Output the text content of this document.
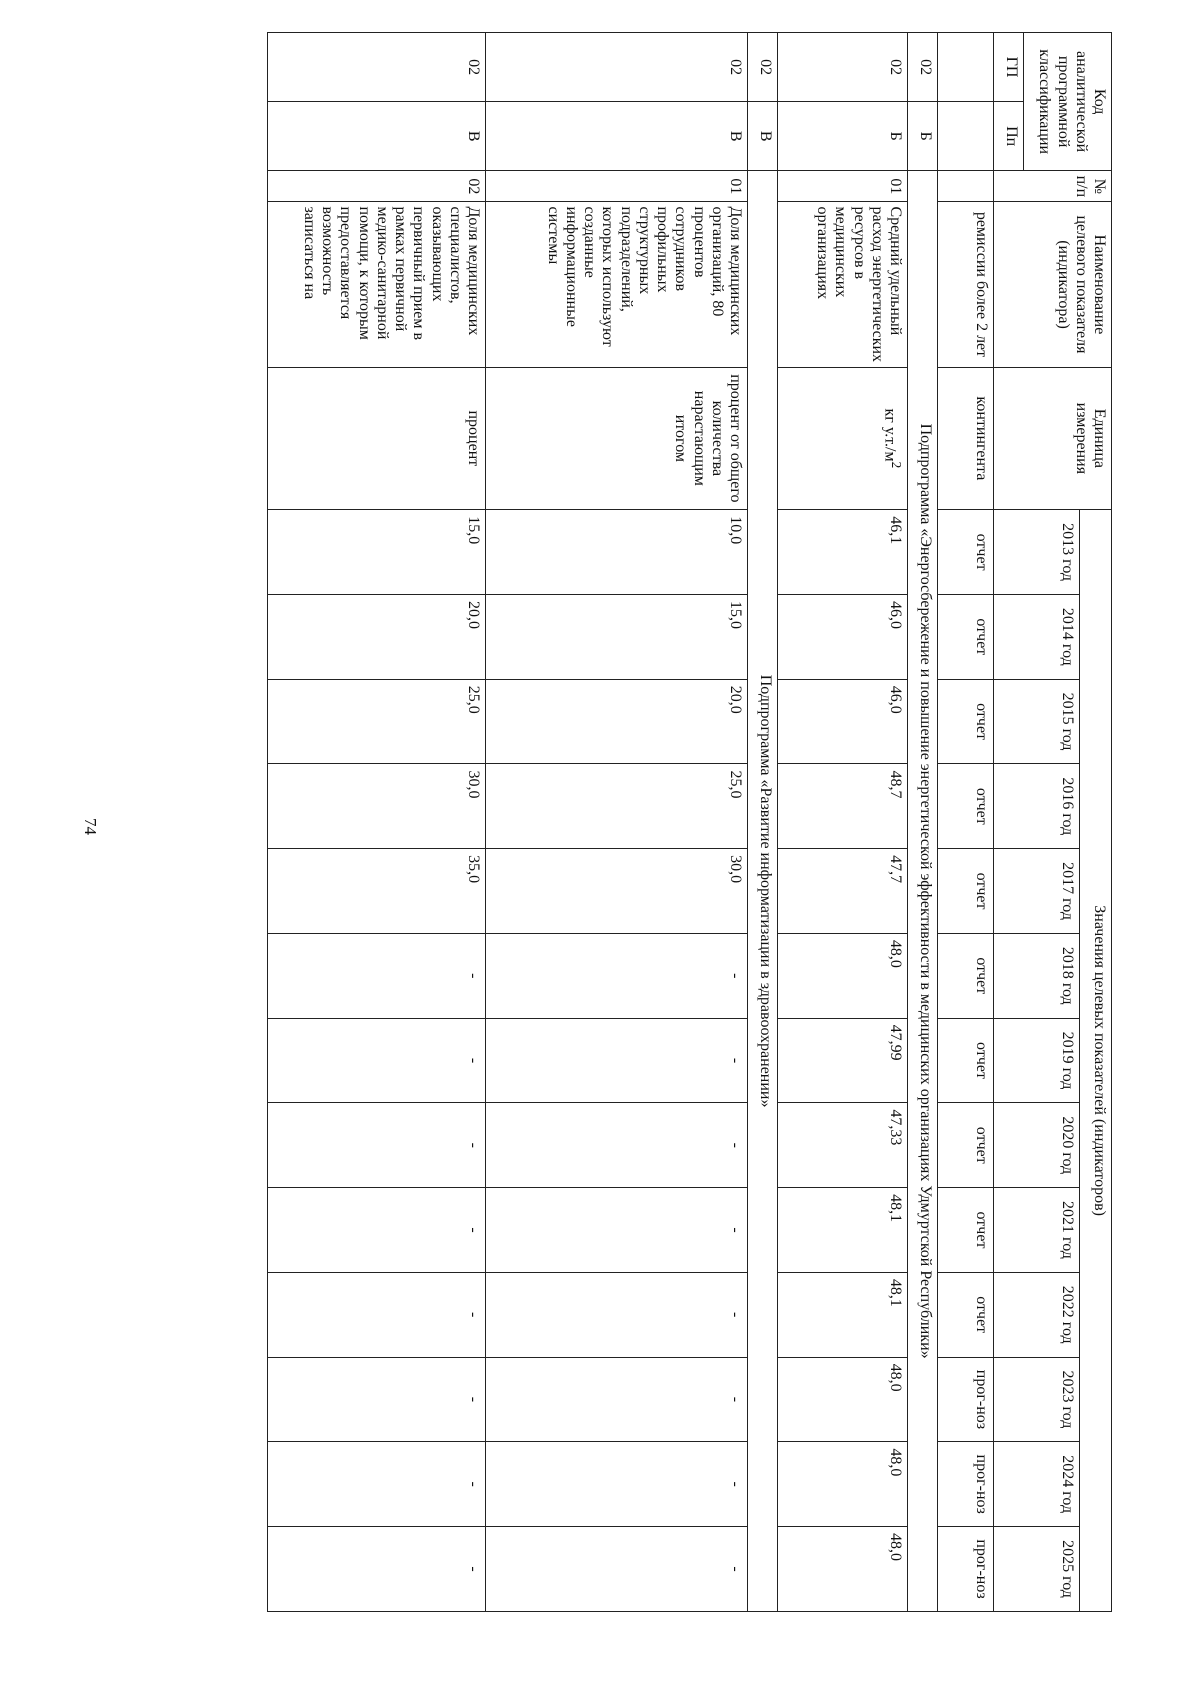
74
Код аналитической программной классификации		№ п/п	Наименование целевого показателя (индикатора)	Единица измерения	Значения целевых показателей (индикаторов)												
					2013 год	2014 год	2015 год	2016 год	2017 год	2018 год	2019 год	2020 год	2021 год	2022 год	2023 год	2024 год	2025 год
ГП	Пп																
			ремиссии более 2 лет	контингента	отчет	отчет	отчет	отчет	отчет	отчет	отчет	отчет	отчет	отчет	прог-ноз	прог-ноз	прог-ноз
02	Б	Подпрограмма «Энергосбережение и повышение энергетической эффективности в медицинских организациях Удмуртской Республики»															
02	Б	01	Средний удельный расход энергетических ресурсов в медицинских организациях	кг $у.т./м^2$	46,1	46,0	46,0	48,7	47,7	48,0	47,99	47,33	48,1	48,1	48,0	48,0	48,0
02	В	Подпрограмма «Развитие информатизации в здравоохранении»															
02	В	01	Доля медицинских организаций, 80 процентов сотрудников профильных структурных подразделений, которых используют созданные информационные системы	процент от общего количества нарастающим итогом	10,0	15,0	20,0	25,0	30,0	-	-	-	-	-	-	-	-
02	В	02	Доля медицинских специалистов, оказывающих первичный прием в рамках первичной медико-санитарной помощи, к которым предоставляется возможность записаться на	процент	15,0	20,0	25,0	30,0	35,0	-	-	-	-	-	-	-	-
